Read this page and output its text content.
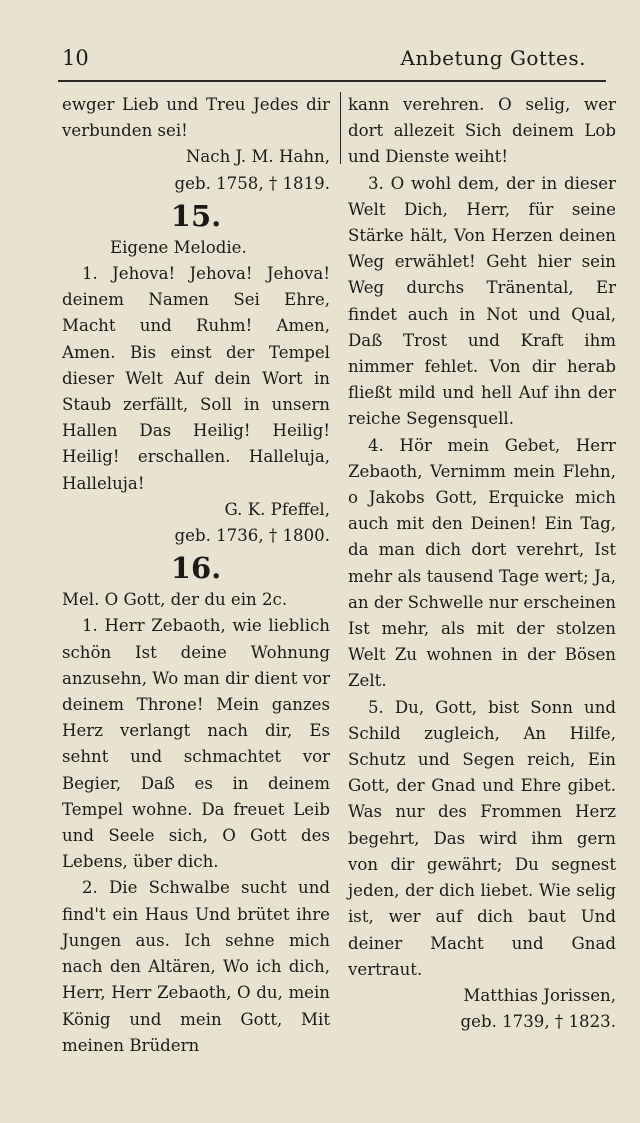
10	Anbetung Gottes.

ewger Lieb und Treu Jedes dir verbunden sei!

Nach J. M. Hahn,

geb. 1758, † 1819.

15.

Eigene Melodie.

1. Jehova! Jehova! Jehova! deinem Namen Sei Ehre, Macht und Ruhm! Amen, Amen. Bis einst der Tempel dieser Welt Auf dein Wort in Staub zerfällt, Soll in unsern Hallen Das Heilig! Heilig! Heilig! erschallen. Halleluja, Halleluja!

G. K. Pfeffel,

geb. 1736, † 1800.

16.

Mel. O Gott, der du ein 2c.

1. Herr Zebaoth, wie lieblich schön Ist deine Wohnung anzusehn, Wo man dir dient vor deinem Throne! Mein ganzes Herz verlangt nach dir, Es sehnt und schmachtet vor Begier, Daß es in deinem Tempel wohne. Da freuet Leib und Seele sich, O Gott des Lebens, über dich.

2. Die Schwalbe sucht und find't ein Haus Und brütet ihre Jungen aus. Ich sehne mich nach den Altären, Wo ich dich, Herr, Herr Zebaoth, O du, mein König und mein Gott, Mit meinen Brüdern

kann verehren. O selig, wer dort allezeit Sich deinem Lob und Dienste weiht!

3. O wohl dem, der in dieser Welt Dich, Herr, für seine Stärke hält, Von Herzen deinen Weg erwählet! Geht hier sein Weg durchs Tränental, Er findet auch in Not und Qual, Daß Trost und Kraft ihm nimmer fehlet. Von dir herab fließt mild und hell Auf ihn der reiche Segensquell.

4. Hör mein Gebet, Herr Zebaoth, Vernimm mein Flehn, o Jakobs Gott, Erquicke mich auch mit den Deinen! Ein Tag, da man dich dort verehrt, Ist mehr als tausend Tage wert; Ja, an der Schwelle nur erscheinen Ist mehr, als mit der stolzen Welt Zu wohnen in der Bösen Zelt.

5. Du, Gott, bist Sonn und Schild zugleich, An Hilfe, Schutz und Segen reich, Ein Gott, der Gnad und Ehre gibet. Was nur des Frommen Herz begehrt, Das wird ihm gern von dir gewährt; Du segnest jeden, der dich liebet. Wie selig ist, wer auf dich baut Und deiner Macht und Gnad vertraut.

Matthias Jorissen,

geb. 1739, † 1823.
